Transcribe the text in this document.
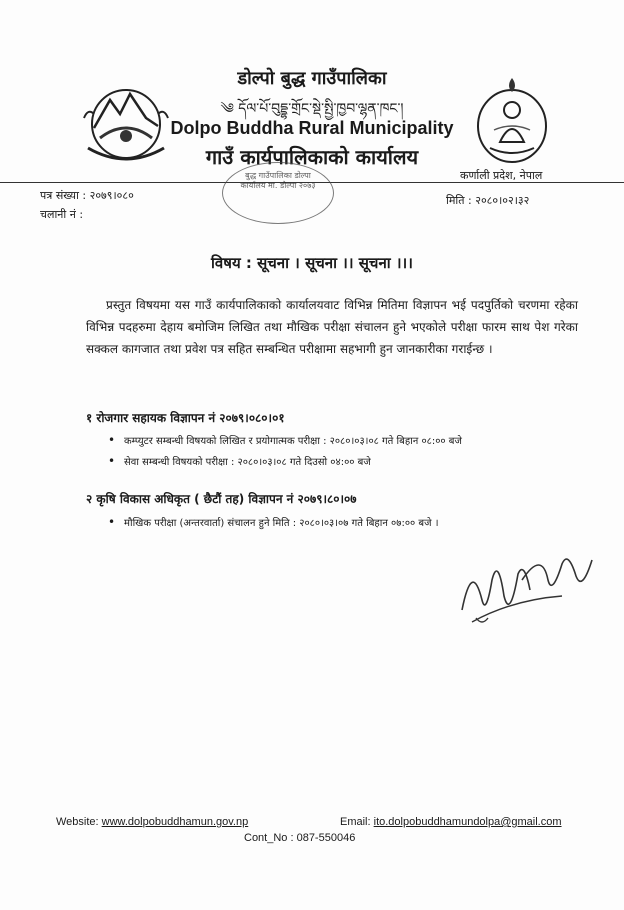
डोल्पो बुद्ध गाउँपालिका
༄ དོལ་པོ་བུདྡྷ་གྲོང་སྡེ་སྤྱི་ཁྱབ་ལྷན་ཁང་།
Dolpo Buddha Rural Municipality
गाउँ कार्यपालिकाको कार्यालय
कर्णाली प्रदेश, नेपाल
बुद्ध गाउँपालिका डोल्पा कार्यालय मा. डोल्पा २०७३
पत्र संख्या : २०७९।०८०
चलानी नं :
मिति : २०८०।०२।३२
विषय : सूचना । सूचना ।। सूचना ।।।
प्रस्तुत विषयमा यस गाउँ कार्यपालिकाको कार्यालयवाट विभिन्न मितिमा विज्ञापन भई पदपुर्तिको चरणमा रहेका विभिन्न पदहरुमा देहाय बमोजिम लिखित तथा मौखिक परीक्षा संचालन हुने भएकोले परीक्षा फारम साथ पेश गरेका सक्कल कागजात तथा प्रवेश पत्र सहित सम्बन्धित परीक्षामा सहभागी हुन जानकारीका गराईन्छ ।
१ रोजगार सहायक विज्ञापन नं २०७९।०८०।०१
• कम्प्युटर सम्बन्धी विषयको लिखित र प्रयोगात्मक परीक्षा : २०८०।०३।०८ गते बिहान ०८:०० बजे
• सेवा सम्बन्धी विषयको परीक्षा : २०८०।०३।०८ गते दिउसो ०४:०० बजे
२ कृषि विकास अधिकृत ( छैटौं तह) विज्ञापन नं २०७९।८०।०७
• मौखिक परीक्षा (अन्तरवार्ता) संचालन हुने मिति : २०८०।०३।०७ गते बिहान ०७:०० बजे ।
Website: www.dolpobuddhamun.gov.np	Email: ito.dolpobuddhamundolpa@gmail.com
Cont_No : 087-550046
